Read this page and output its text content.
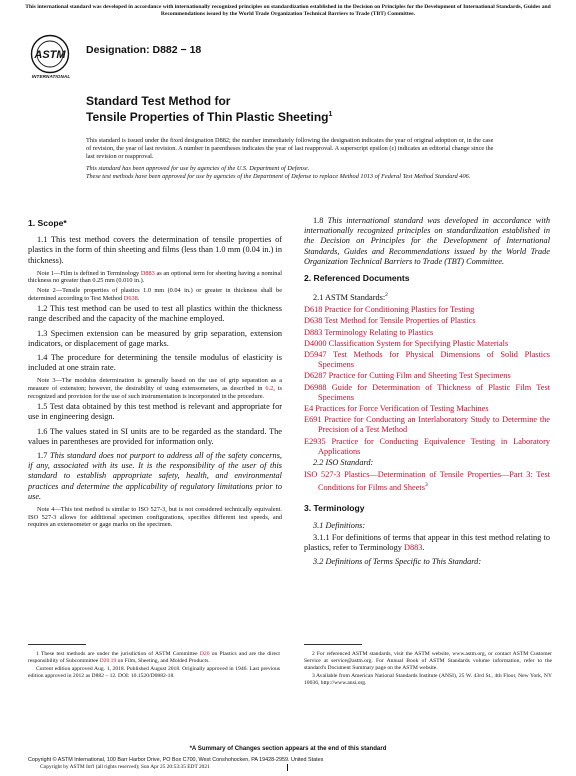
This international standard was developed in accordance with internationally recognized principles on standardization established in the Decision on Principles for the Development of International Standards, Guides and Recommendations issued by the World Trade Organization Technical Barriers to Trade (TBT) Committee.
ASTM
INTERNATIONAL
Designation: D882 − 18
Standard Test Method for
Tensile Properties of Thin Plastic Sheeting$^1$

This standard is issued under the fixed designation D882; the number immediately following the designation indicates the year of original adoption or, in the case of revision, the year of last revision. A number in parentheses indicates the year of last reapproval. A superscript epsilon (ε) indicates an editorial change since the last revision or reapproval.

This standard has been approved for use by agencies of the U.S. Department of Defense.

These test methods have been approved for use by agencies of the Department of Defense to replace Method 1013 of Federal Test Method Standard 406.

1. Scope*

1.1 This test method covers the determination of tensile properties of plastics in the form of thin sheeting and films (less than 1.0 mm (0.04 in.) in thickness).

Note 1—Film is defined in Terminology D883 as an optional term for sheeting having a nominal thickness no greater than 0.25 mm (0.010 in.).

Note 2—Tensile properties of plastics 1.0 mm (0.04 in.) or greater in thickness shall be determined according to Test Method D638.

1.2 This test method can be used to test all plastics within the thickness range described and the capacity of the machine employed.

1.3 Specimen extension can be measured by grip separation, extension indicators, or displacement of gage marks.

1.4 The procedure for determining the tensile modulus of elasticity is included at one strain rate.

Note 3—The modulus determination is generally based on the use of grip separation as a measure of extension; however, the desirability of using extensometers, as described in 6.2, is recognized and provision for the use of such instrumentation is incorporated in the procedure.

1.5 Test data obtained by this test method is relevant and appropriate for use in engineering design.

1.6 The values stated in SI units are to be regarded as the standard. The values in parentheses are provided for information only.

1.7 This standard does not purport to address all of the safety concerns, if any, associated with its use. It is the responsibility of the user of this standard to establish appropriate safety, health, and environmental practices and determine the applicability of regulatory limitations prior to use.

Note 4—This test method is similar to ISO 527-3, but is not considered technically equivalent. ISO 527-3 allows for additional specimen configurations, specifies different test speeds, and requires an extensometer or gage marks on the specimen.

1.8 This international standard was developed in accordance with internationally recognized principles on standardization established in the Decision on Principles for the Development of International Standards, Guides and Recommendations issued by the World Trade Organization Technical Barriers to Trade (TBT) Committee.

2. Referenced Documents
2.1 ASTM Standards:$^2$
D618 Practice for Conditioning Plastics for Testing
D638 Test Method for Tensile Properties of Plastics
D883 Terminology Relating to Plastics
D4000 Classification System for Specifying Plastic Materials
D5947 Test Methods for Physical Dimensions of Solid Plastics Specimens
D6287 Practice for Cutting Film and Sheeting Test Specimens
D6988 Guide for Determination of Thickness of Plastic Film Test Specimens
E4 Practices for Force Verification of Testing Machines
E691 Practice for Conducting an Interlaboratory Study to Determine the Precision of a Test Method
E2935 Practice for Conducting Equivalence Testing in Laboratory Applications
2.2 ISO Standard:
ISO 527-3 Plastics—Determination of Tensile Properties—Part 3: Test Conditions for Films and Sheets$^3$
3. Terminology
3.1 Definitions:

3.1.1 For definitions of terms that appear in this test method relating to plastics, refer to Terminology D883.

3.2 Definitions of Terms Specific to This Standard:

1 These test methods are under the jurisdiction of ASTM Committee D20 on Plastics and are the direct responsibility of Subcommittee D20.19 on Film, Sheeting, and Molded Products.

Current edition approved Aug. 1, 2018. Published August 2018. Originally approved in 1946. Last previous edition approved in 2012 as D882 – 12. DOI: 10.1520/D0882-18.

2 For referenced ASTM standards, visit the ASTM website, www.astm.org, or contact ASTM Customer Service at service@astm.org. For Annual Book of ASTM Standards volume information, refer to the standard's Document Summary page on the ASTM website.

3 Available from American National Standards Institute (ANSI), 25 W. 43rd St., 4th Floor, New York, NY 10036, http://www.ansi.org.

*A Summary of Changes section appears at the end of this standard
Copyright © ASTM International, 100 Barr Harbor Drive, PO Box C700, West Conshohocken, PA 19428-2959. United States
Copyright by ASTM Int'l (all rights reserved); Sun Apr 25 20:53:35 EDT 2021
